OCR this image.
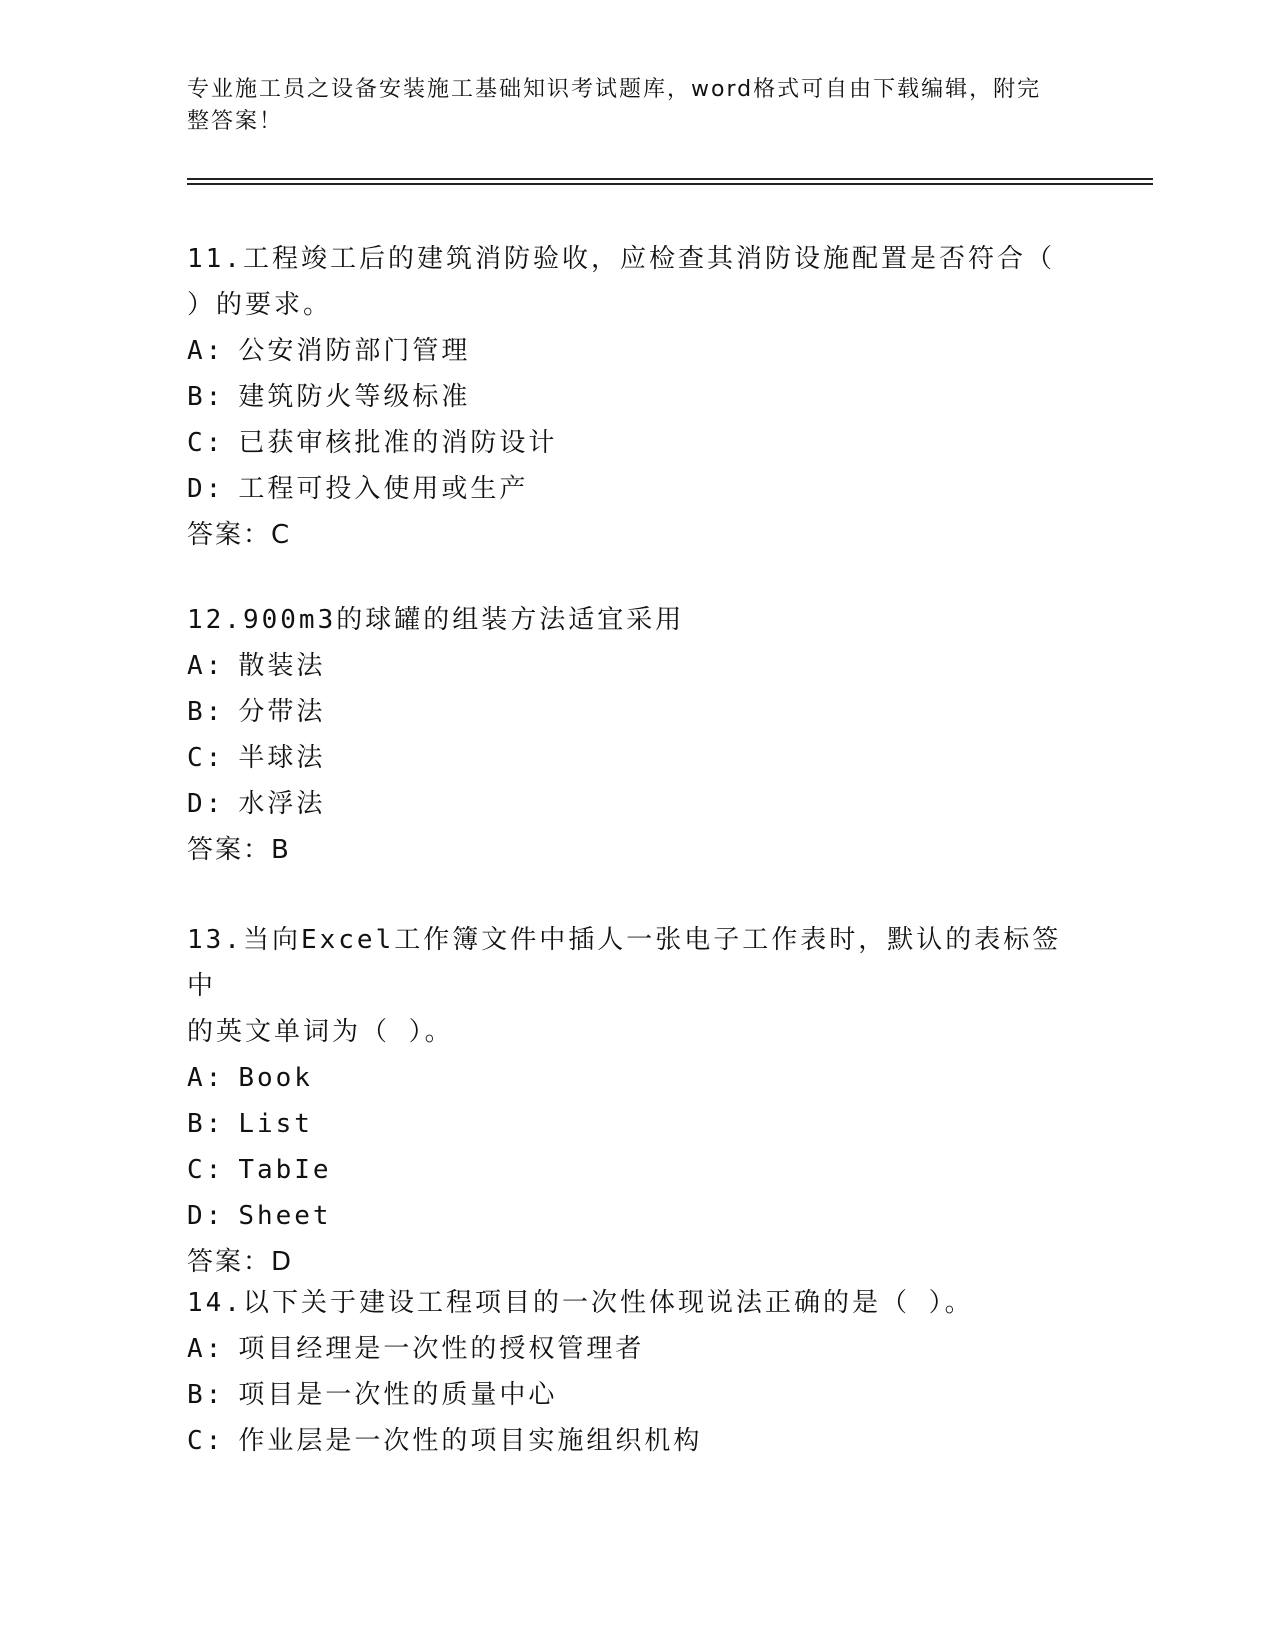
专业施工员之设备安装施工基础知识考试题库，word格式可自由下载编辑，附完
整答案！
11.工程竣工后的建筑消防验收，应检查其消防设施配置是否符合（
）的要求。
A: 公安消防部门管理
B: 建筑防火等级标准
C: 已获审核批准的消防设计
D: 工程可投入使用或生产
答案：C
12.900m3的球罐的组装方法适宜采用
A: 散装法
B: 分带法
C: 半球法
D: 水浮法
答案：B
13.当向Excel工作簿文件中插人一张电子工作表时，默认的表标签中
的英文单词为（ ）。
A: Book
B: List
C: TabIe
D: Sheet
答案：D
14.以下关于建设工程项目的一次性体现说法正确的是（ ）。
A: 项目经理是一次性的授权管理者
B: 项目是一次性的质量中心
C: 作业层是一次性的项目实施组织机构
